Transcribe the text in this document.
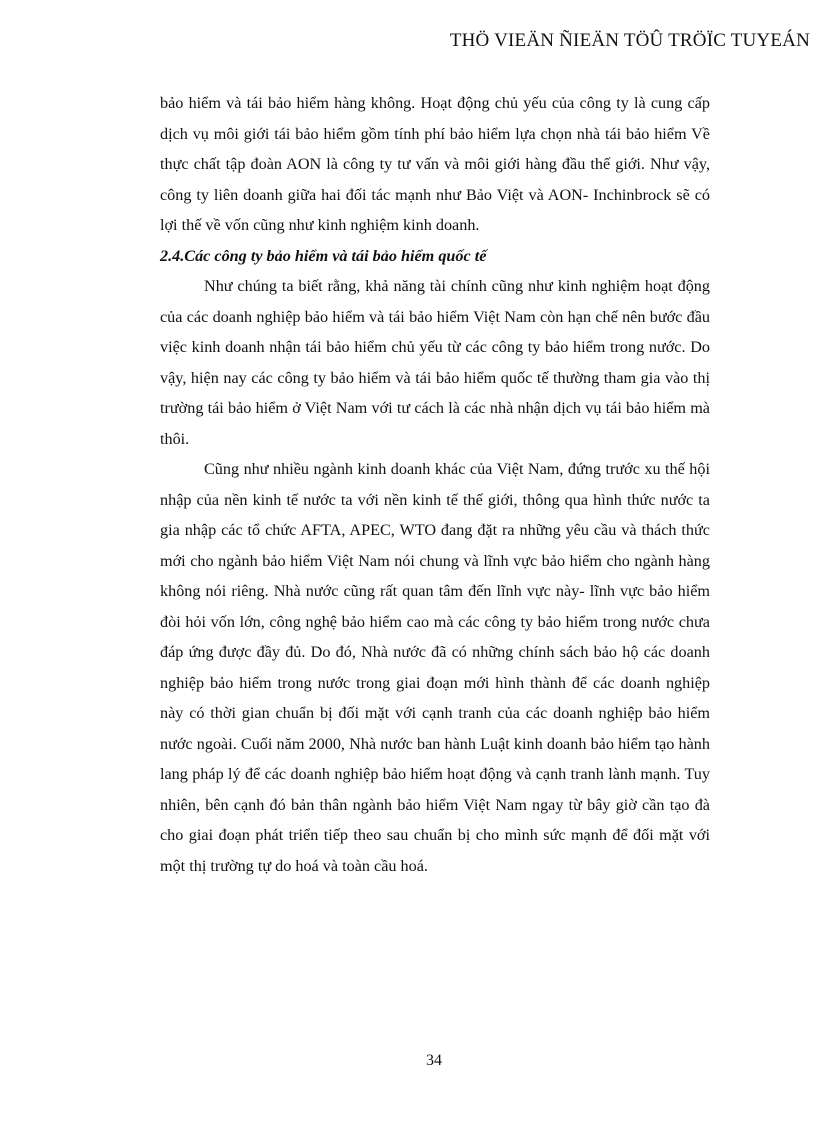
THÖ VIEÄN ÑIEÄN TÖÛ TRÖÏC TUYEÁN

bảo hiểm và tái bảo hiểm hàng không. Hoạt động chủ yếu của công ty là cung cấp dịch vụ môi giới tái bảo hiểm gồm tính phí bảo hiểm lựa chọn nhà tái bảo hiểm Về thực chất tập đoàn AON là công ty tư vấn và môi giới hàng đầu thế giới. Như vậy, công ty liên doanh giữa hai đối tác mạnh như Bảo Việt và AON- Inchinbrock sẽ có lợi thế về vốn cũng như kinh nghiệm kinh doanh.

2.4.Các công ty bảo hiểm và tái bảo hiểm quốc tế

Như chúng ta biết rằng, khả năng tài chính cũng như kinh nghiệm hoạt động của các doanh nghiệp bảo hiểm và tái bảo hiểm Việt Nam còn hạn chế nên bước đầu việc kinh doanh nhận tái bảo hiểm chủ yếu từ các công ty bảo hiểm trong nước. Do vậy, hiện nay các công ty bảo hiểm và tái bảo hiểm quốc tế thường tham gia vào thị trường tái bảo hiểm ở Việt Nam với tư cách là các nhà nhận dịch vụ tái bảo hiểm mà thôi.

Cũng như nhiều ngành kinh doanh khác của Việt Nam, đứng trước xu thế hội nhập của nền kinh tế nước ta với nền kinh tế thế giới, thông qua hình thức nước ta gia nhập các tổ chức AFTA, APEC, WTO đang đặt ra những yêu cầu và thách thức mới cho ngành bảo hiểm Việt Nam nói chung và lĩnh vực bảo hiểm cho ngành hàng không nói riêng. Nhà nước cũng rất quan tâm đến lĩnh vực này- lĩnh vực bảo hiểm đòi hỏi vốn lớn, công nghệ bảo hiểm cao mà các công ty bảo hiểm trong nước chưa đáp ứng được đầy đủ. Do đó, Nhà nước đã có những chính sách bảo hộ các doanh nghiệp bảo hiểm trong nước trong giai đoạn mới hình thành để các doanh nghiệp này có thời gian chuẩn bị đối mặt với cạnh tranh của các doanh nghiệp bảo hiểm nước ngoài. Cuối năm 2000, Nhà nước ban hành Luật kinh doanh bảo hiểm tạo hành lang pháp lý để các doanh nghiệp bảo hiểm hoạt động và cạnh tranh lành mạnh. Tuy nhiên, bên cạnh đó bản thân ngành bảo hiểm Việt Nam ngay từ bây giờ cần tạo đà cho giai đoạn phát triển tiếp theo sau chuẩn bị cho mình sức mạnh để đối mặt với một thị trường tự do hoá và toàn cầu hoá.

34
